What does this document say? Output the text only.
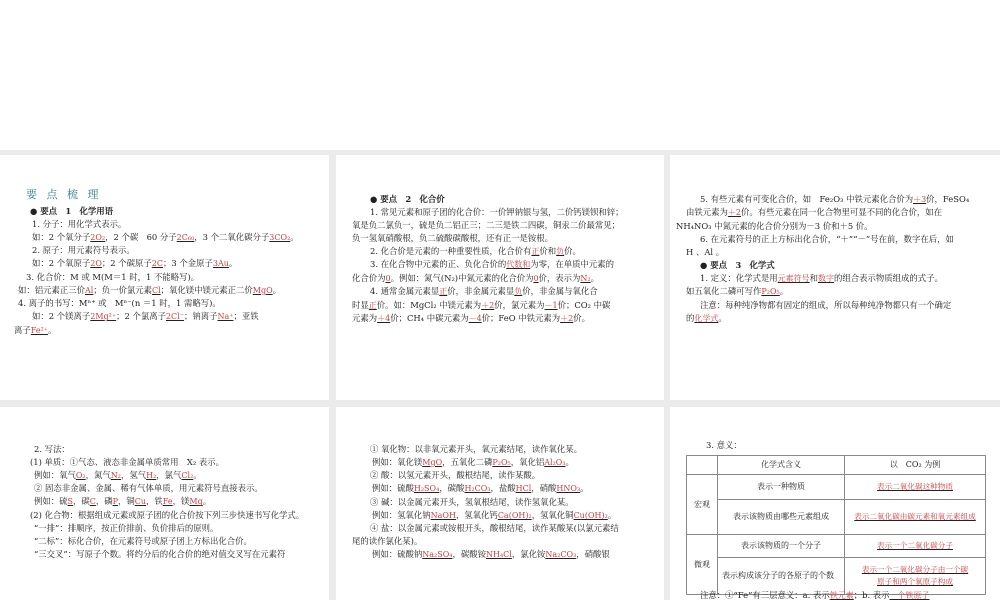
要 点 梳 理

● 要点　1　化学用语

1. 分子：用化学式表示。

如：2 个氧分子2O₂，2 个碳　60 分子2C₆₀，3 个二氧化碳分子3CO₂。

2. 原子：用元素符号表示。

如：2 个氧原子2O；2 个碳原子2C；3 个金原子3Au。

3. 化合价：M 或 M(M＝1 时，1 不能略写)。

如：铝元素正三价Al；负一价氯元素Cl；氧化镁中镁元素正二价MgO。

4. 离子的书写：Mⁿ⁺ 或　Mⁿ⁻(n ＝1 时，1 需略写)。

如：2 个镁离子2Mg²⁺；2 个氯离子2Cl⁻；钠离子Na⁺；亚铁

离子Fe²⁺。

● 要点　2　化合价

1. 常见元素和原子团的化合价：一价钾钠银与氢，二价钙镁钡和锌；

氧是负二氯负一，硫是负二铝正三；二三是铁二四碳，铜汞二价最常见；

负一氢氧硝酸根，负二硫酸碳酸根，还有正一是铵根。

2. 化合价是元素的一种重要性质，化合价有正价和负价。

3. 在化合物中元素的正、负化合价的代数和为零，在单质中元素的

化合价为0。例如：氮气(N₂)中氮元素的化合价为0价，表示为N₂。

4. 通常金属元素显正价，非金属元素显负价，非金属与氧化合

时显正价。如：MgCl₂ 中镁元素为＋2价，氯元素为－1价；CO₂ 中碳

元素为＋4价；CH₄ 中碳元素为－4价；FeO 中铁元素为＋2价。

5. 有些元素有可变化合价，如　Fe₂O₃ 中铁元素化合价为＋3价，FeSO₄

由铁元素为＋2价。有些元素在同一化合物里可显不同的化合价，如在

NH₄NO₃ 中氮元素的化合价分别为－3 价和＋5 价。

6. 在元素符号的正上方标出化合价，“＋”“－”号在前，数字在后，如

H 、Al 。

● 要点　3　化学式

1. 定义：化学式是用元素符号和数字的组合表示物质组成的式子。

如五氧化二磷可写作P₂O₅。

注意：每种纯净物都有固定的组成，所以每种纯净物都只有一个确定

的化学式。

2. 写法：

(1) 单质：①气态、液态非金属单质常用　X₂ 表示。

例如：氧气O₂，氮气N₂，氢气H₂，氯气Cl₂。

② 固态非金属、金属、稀有气体单质，用元素符号直接表示。

例如：硫S，碳C，磷P，铜Cu，铁Fe，镁Mg。

(2) 化合物：根据组成元素或原子团的化合价按下列三步快速书写化学式。

“一排”：排顺序，按正价排前、负价排后的原则。

“二标”：标化合价，在元素符号或原子团上方标出化合价。

“三交叉”：写原子个数。将约分后的化合价的绝对值交叉写在元素符

① 氧化物：以非氧元素开头，氧元素结尾，读作氧化某。

例如：氧化镁MgO，五氧化二磷P₂O₅，氧化铝Al₂O₃。

② 酸：以氢元素开头，酸根结尾，读作某酸。

例如：硫酸H₂SO₄，碳酸H₂CO₃，盐酸HCl，硝酸HNO₃。

③ 碱：以金属元素开头，氢氧根结尾，读作氢氧化某。

例如：氢氧化钠NaOH，氢氧化钙Ca(OH)₂，氢氧化铜Cu(OH)₂。

④ 盐：以金属元素或铵根开头，酸根结尾，读作某酸某(以氯元素结

尾的读作氯化某)。

例如：硫酸钠Na₂SO₄，碳酸铵NH₄Cl，氯化铵Na₂CO₃，硝酸银

3. 意义：

	化学式含义	以　CO₂ 为例
宏观	表示一种物质	表示二氧化碳这种物质
	表示该物质由哪些元素组成	表示二氧化碳由碳元素和氧元素组成
微观	表示该物质的一个分子	表示一个二氧化碳分子
	表示构成该分子的各原子的个数	表示一个二氧化碳分子由一个碳
原子和两个氧原子构成

注意：①“Fe”有三层意义：a. 表示铁元素；b. 表示一个铁原子
